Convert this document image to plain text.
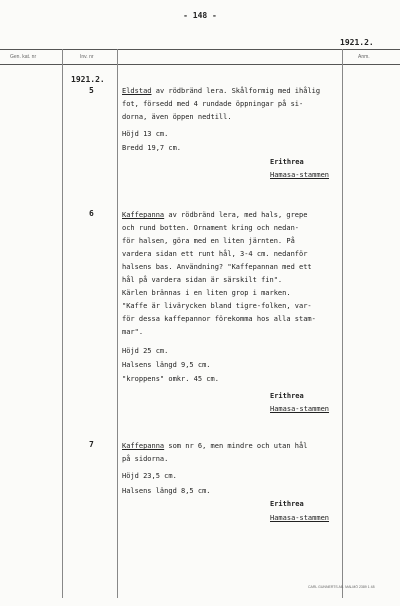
- 148 -
1921.2.
Gen. kat. nr	Inv. nr	Anm.
1921.2.
5	Eldstad av rödbränd lera. Skålformig med ihålig
fot, försedd med 4 rundade öppningar på si-
dorna, även öppen nedtill.
Höjd 13 cm.
Bredd 19,7 cm.
Erithrea
Hamasa-stammen
6	Kaffepanna av rödbränd lera, med hals, grepe
och rund botten. Ornament kring och nedan-
för halsen, göra med en liten järnten. På
vardera sidan ett runt hål, 3-4 cm. nedanför
halsens bas. Användning? "Kaffepannan med ett
hål på vardera sidan är särskilt fin".
Kärlen brännas i en liten grop i marken.
"Kaffe är livärycken bland tigre-folken, var-
för dessa kaffepannor förekomma hos alla stam-
mar".
Höjd 25 cm.
Halsens längd 9,5 cm.
"kroppens" omkr. 45 cm.
Erithrea
Hamasa-stammen
7	Kaffepanna som nr 6, men mindre och utan hål
på sidorna.
Höjd 23,5 cm.
Halsens längd 8,5 cm.
Erithrea
Hamasa-stammen
CARL GUNNERTS AB. MALMÖ 2389 1 48
